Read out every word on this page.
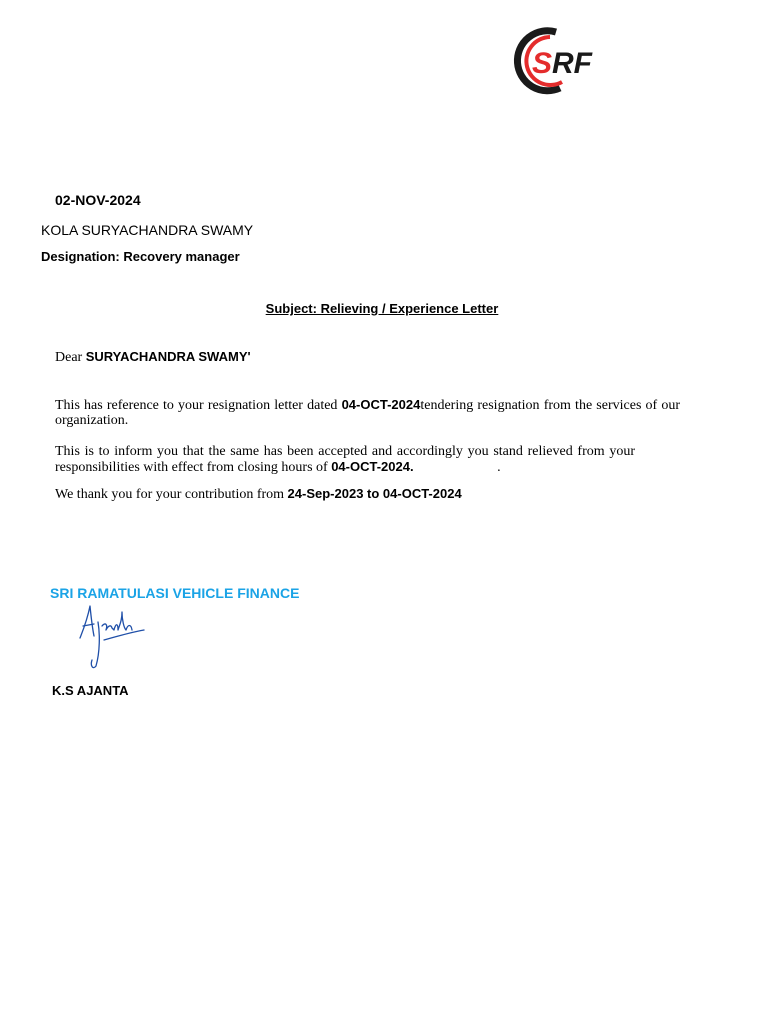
SRF
02-NOV-2024
KOLA SURYACHANDRA SWAMY
Designation: Recovery manager
Subject: Relieving / Experience Letter
Dear SURYACHANDRA SWAMY'
This has reference to your resignation letter dated 04-OCT-2024tendering resignation from the services of our organization.
This is to inform you that the same has been accepted and accordingly you stand relieved from your responsibilities with effect from closing hours of 04-OCT-2024.	.
We thank you for your contribution from 24-Sep-2023 to 04-OCT-2024
SRI RAMATULASI VEHICLE FINANCE
Ajanta
K.S AJANTA
